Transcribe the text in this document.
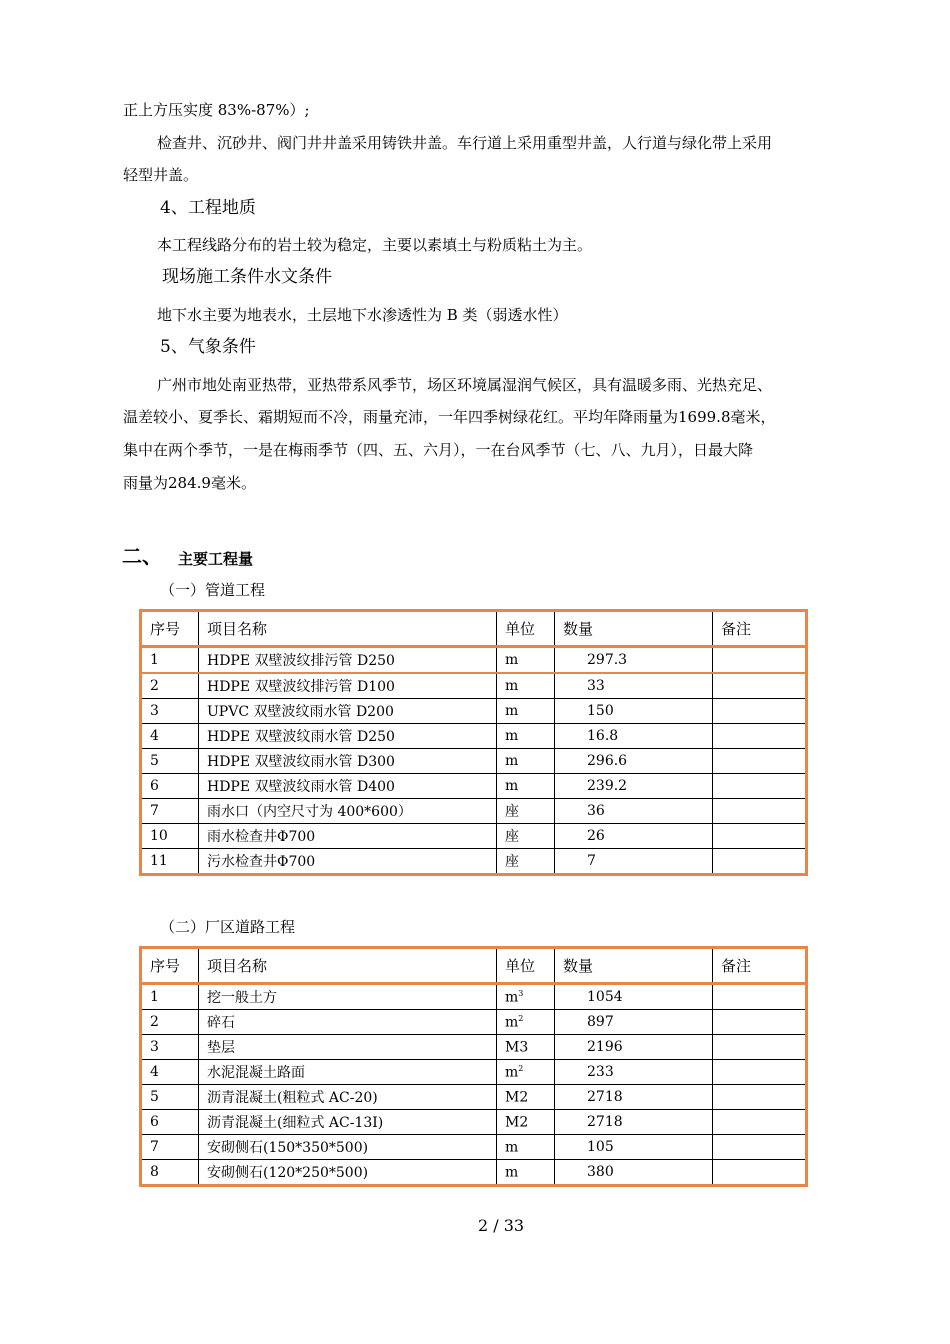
正上方压实度 83%-87%）;
检查井、沉砂井、阀门井井盖采用铸铁井盖。车行道上采用重型井盖，人行道与绿化带上采用
轻型井盖。
4、工程地质
本工程线路分布的岩土较为稳定，主要以素填土与粉质粘土为主。
现场施工条件水文条件
地下水主要为地表水，土层地下水渗透性为 B 类（弱透水性）
5、气象条件
广州市地处南亚热带，亚热带系风季节，场区环境属湿润气候区，具有温暖多雨、光热充足、
温差较小、夏季长、霜期短而不冷，雨量充沛，一年四季树绿花红。平均年降雨量为1699.8毫米，
集中在两个季节，一是在梅雨季节（四、五、六月），一在台风季节（七、八、九月），日最大降
雨量为284.9毫米。
二、 主要工程量
（一）管道工程
序号	项目名称	单位	数量	备注
1	HDPE 双壁波纹排污管 D250	m	297.3	
2	HDPE 双壁波纹排污管 D100	m	33	
3	UPVC 双壁波纹雨水管 D200	m	150	
4	HDPE 双壁波纹雨水管 D250	m	16.8	
5	HDPE 双壁波纹雨水管 D300	m	296.6	
6	HDPE 双壁波纹雨水管 D400	m	239.2	
7	雨水口（内空尺寸为 400*600）	座	36	
10	雨水检查井Φ700	座	26	
11	污水检查井Φ700	座	7	
（二）厂区道路工程
序号	项目名称	单位	数量	备注
1	挖一般土方	$m^3$	1054	
2	碎石	$m^2$	897	
3	垫层	M3	2196	
4	水泥混凝土路面	$m^2$	233	
5	沥青混凝土(粗粒式 AC-20)	M2	2718	
6	沥青混凝土(细粒式 AC-13I)	M2	2718	
7	安砌侧石(150*350*500)	m	105	
8	安砌侧石(120*250*500)	m	380	
2 / 33
